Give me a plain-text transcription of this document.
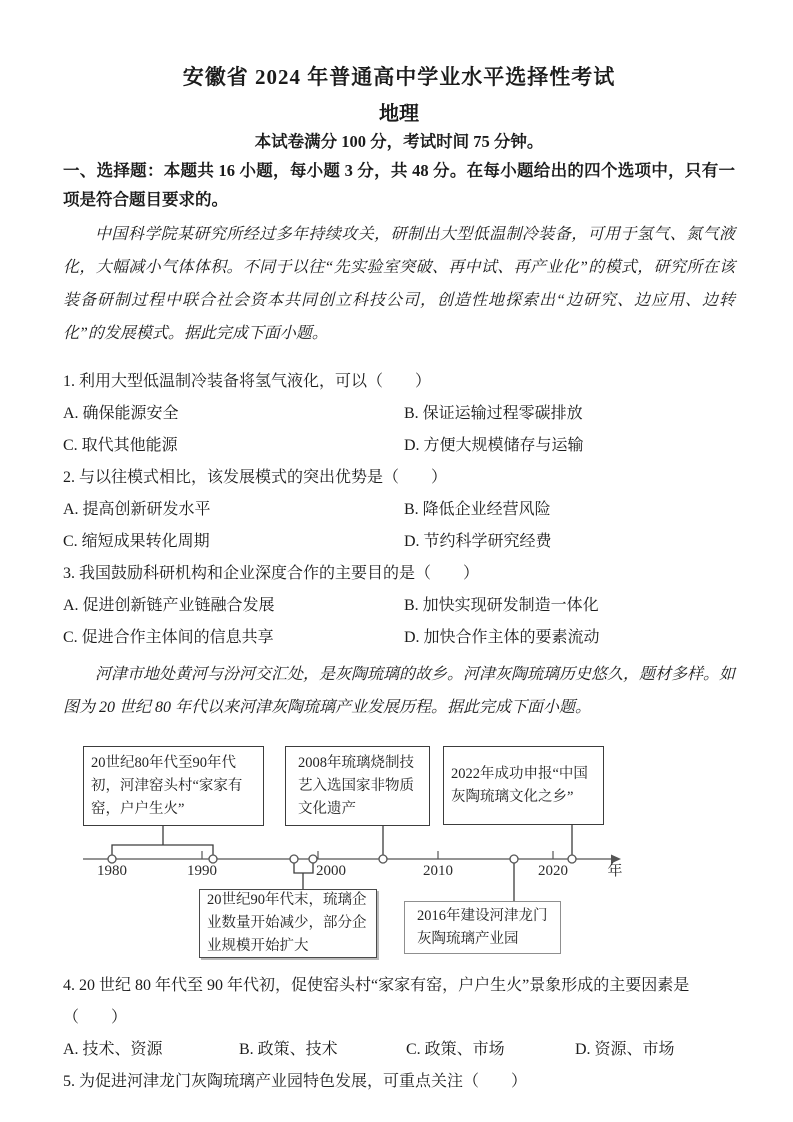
安徽省 2024 年普通高中学业水平选择性考试
地理
本试卷满分 100 分，考试时间 75 分钟。
一、选择题：本题共 16 小题，每小题 3 分，共 48 分。在每小题给出的四个选项中，只有一项是符合题目要求的。

中国科学院某研究所经过多年持续攻关，研制出大型低温制冷装备，可用于氢气、氮气液化，大幅减小气体体积。不同于以往“先实验室突破、再中试、再产业化”的模式，研究所在该装备研制过程中联合社会资本共同创立科技公司，创造性地探索出“边研究、边应用、边转化”的发展模式。据此完成下面小题。

1. 利用大型低温制冷装备将氢气液化，可以（　　）

A. 确保能源安全	B. 保证运输过程零碳排放

C. 取代其他能源	D. 方便大规模储存与运输

2. 与以往模式相比，该发展模式的突出优势是（　　）

A. 提高创新研发水平	B. 降低企业经营风险

C. 缩短成果转化周期	D. 节约科学研究经费

3. 我国鼓励科研机构和企业深度合作的主要目的是（　　）

A. 促进创新链产业链融合发展	B. 加快实现研发制造一体化

C. 促进合作主体间的信息共享	D. 加快合作主体的要素流动

河津市地处黄河与汾河交汇处，是灰陶琉璃的故乡。河津灰陶琉璃历史悠久，题材多样。如图为 20 世纪 80 年代以来河津灰陶琉璃产业发展历程。据此完成下面小题。

20世纪80年代至90年代初，河津窑头村“家家有窑，户户生火”
2008年琉璃烧制技艺入选国家非物质文化遗产
2022年成功申报“中国灰陶琉璃文化之乡”
20世纪90年代末，琉璃企业数量开始减少，部分企业规模开始扩大
2016年建设河津龙门灰陶琉璃产业园
1980	1990	2000	2010	2020	年

4. 20 世纪 80 年代至 90 年代初，促使窑头村“家家有窑，户户生火”景象形成的主要因素是（　　）

A. 技术、资源	B. 政策、技术	C. 政策、市场	D. 资源、市场

5. 为促进河津龙门灰陶琉璃产业园特色发展，可重点关注（　　）
